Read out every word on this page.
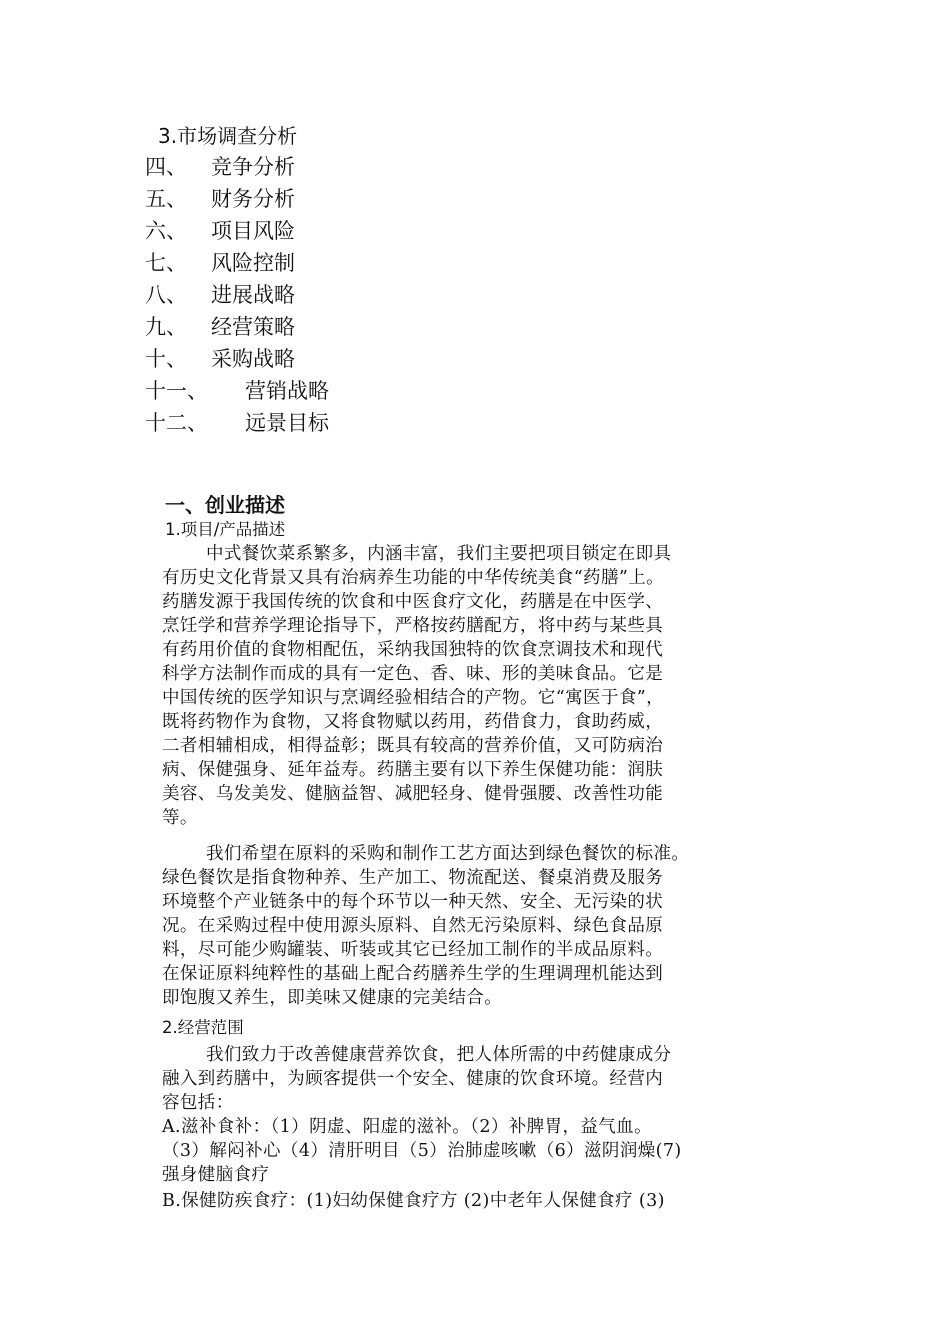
3.市场调查分析
四、 竞争分析
五、 财务分析
六、 项目风险
七、 风险控制
八、 进展战略
九、 经营策略
十、 采购战略
十一、 营销战略
十二、 远景目标
一、创业描述
1.项目/产品描述
中式餐饮菜系繁多，内涵丰富，我们主要把项目锁定在即具
有历史文化背景又具有治病养生功能的中华传统美食“药膳”上。
药膳发源于我国传统的饮食和中医食疗文化，药膳是在中医学、
烹饪学和营养学理论指导下，严格按药膳配方，将中药与某些具
有药用价值的食物相配伍，采纳我国独特的饮食烹调技术和现代
科学方法制作而成的具有一定色、香、味、形的美味食品。它是
中国传统的医学知识与烹调经验相结合的产物。它“寓医于食”，
既将药物作为食物，又将食物赋以药用，药借食力，食助药威，
二者相辅相成，相得益彰；既具有较高的营养价值，又可防病治
病、保健强身、延年益寿。药膳主要有以下养生保健功能：润肤
美容、乌发美发、健脑益智、减肥轻身、健骨强腰、改善性功能
等。
我们希望在原料的采购和制作工艺方面达到绿色餐饮的标准。
绿色餐饮是指食物种养、生产加工、物流配送、餐桌消费及服务
环境整个产业链条中的每个环节以一种天然、安全、无污染的状
况。在采购过程中使用源头原料、自然无污染原料、绿色食品原
料，尽可能少购罐装、听装或其它已经加工制作的半成品原料。
在保证原料纯粹性的基础上配合药膳养生学的生理调理机能达到
即饱腹又养生，即美味又健康的完美结合。
2.经营范围
我们致力于改善健康营养饮食，把人体所需的中药健康成分
融入到药膳中，为顾客提供一个安全、健康的饮食环境。经营内
容包括：
A.滋补食补：（1）阴虚、阳虚的滋补。（2）补脾胃，益气血。
（3）解闷补心（4）清肝明目（5）治肺虚咳嗽（6）滋阴润燥(7)
强身健脑食疗
B.保健防疾食疗：(1)妇幼保健食疗方 (2)中老年人保健食疗 (3)
